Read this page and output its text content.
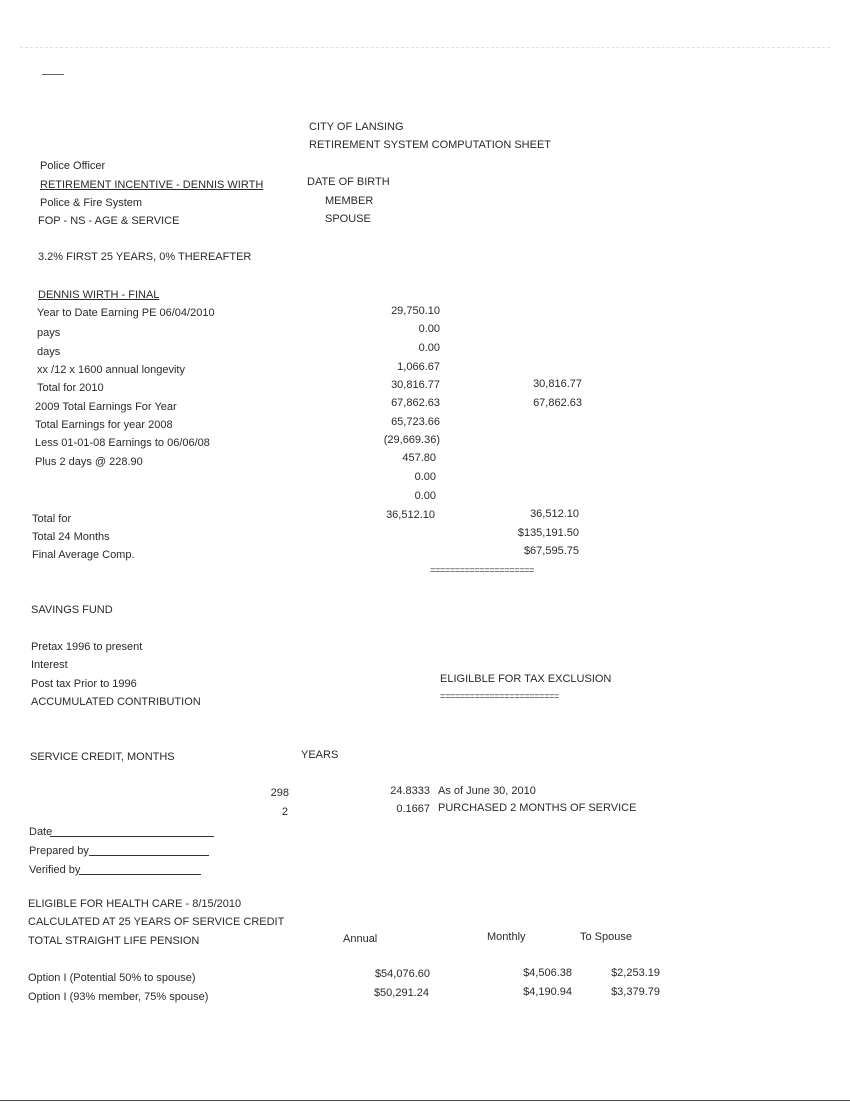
CITY OF LANSING
RETIREMENT SYSTEM COMPUTATION SHEET
DATE OF BIRTH
MEMBER
SPOUSE
Police Officer
RETIREMENT INCENTIVE - DENNIS WIRTH
Police & Fire System
FOP - NS - AGE & SERVICE
3.2% FIRST 25 YEARS, 0% THEREAFTER
DENNIS WIRTH - FINAL
Year to Date Earning PE 06/04/2010	29,750.10
pays	0.00
days	0.00
xx /12 x 1600 annual longevity	1,066.67
Total for 2010	30,816.77	30,816.77
2009 Total Earnings For Year	67,862.63	67,862.63
Total Earnings for year 2008	65,723.66
Less 01-01-08 Earnings to 06/06/08	(29,669.36)
Plus 2 days @ 228.90	457.80
0.00
0.00
Total for	36,512.10	36,512.10
Total 24 Months	$135,191.50
Final Average Comp.	$67,595.75
=====================
SAVINGS FUND
Pretax 1996 to present
Interest
Post tax Prior to 1996
ACCUMULATED CONTRIBUTION
ELIGILBLE FOR TAX EXCLUSION
========================
SERVICE CREDIT, MONTHS	YEARS
298	24.8333 As of June 30, 2010
2	0.1667 PURCHASED 2 MONTHS OF SERVICE
Date
Prepared by
Verified by
ELIGIBLE FOR HEALTH CARE - 8/15/2010
CALCULATED AT 25 YEARS OF SERVICE CREDIT
TOTAL STRAIGHT LIFE PENSION	Annual	Monthly	To Spouse
Option I (Potential 50% to spouse)	$54,076.60	$4,506.38	$2,253.19
Option I (93% member, 75% spouse)	$50,291.24	$4,190.94	$3,379.79
